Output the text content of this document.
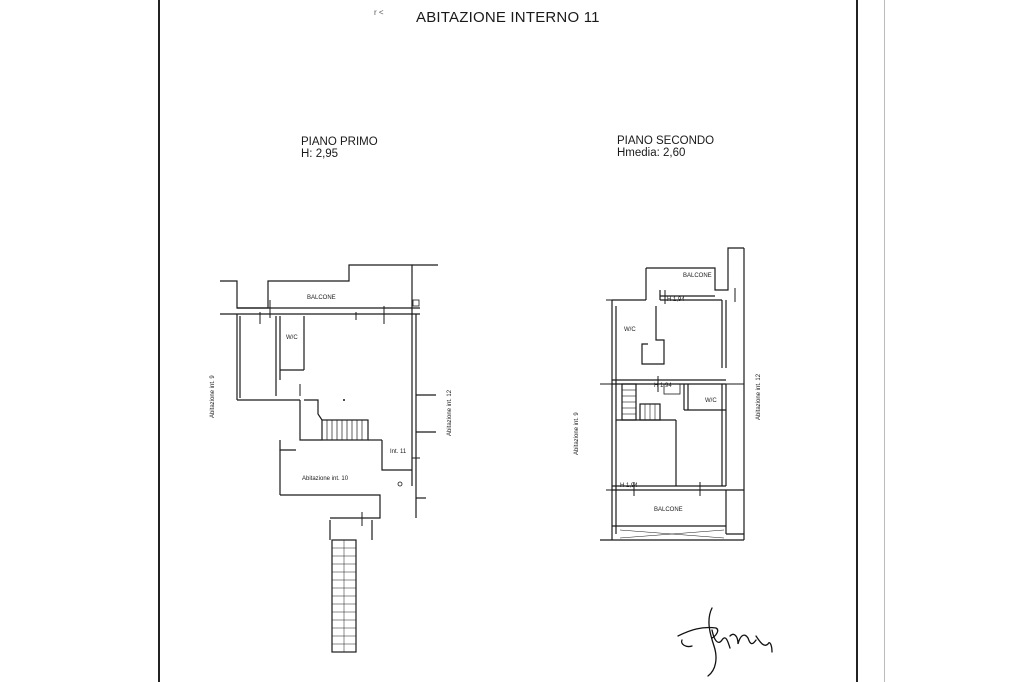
r < ABITAZIONE INTERNO 11
PIANO PRIMO
H: 2,95
PIANO SECONDO
Hmedia: 2,60
BALCONE
W/C
Int. 11
Abitazione int. 10
Abitazione int. 9	Abitazione int. 12
BALCONE
H 1,94
W/C
H 1,94
W/C
H 1,94
BALCONE
Abitazione int. 9
Abitazione int. 12
